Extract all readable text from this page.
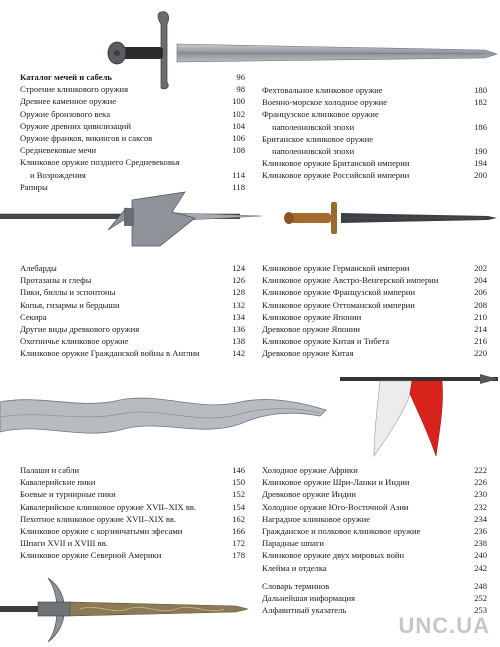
Каталог мечей и сабель	96
Строение клинкового оружия	98
Древнее каменное оружие	100
Оружие бронзового века	102
Оружие древних цивилизаций	104
Оружие франков, викингов и саксов	106
Средневековые мечи	108
Клинковое оружие позднего Средневековья
и Возрождения	114
Рапиры	118
Фехтовальное клинковое оружие	180
Военно-морское холодное оружие	182
Французское клинковое оружие
наполеоновской эпохи	186
Британское клинковое оружие
наполеоновской эпохи	190
Клинковое оружие Британской империи	194
Клинковое оружие Российской империи	200
Алебарды	124
Протазаны и глефы	126
Пики, биллы и эспонтоны	128
Копья, гизармы и бердыши	132
Секира	134
Другие виды древкового оружия	136
Охотничье клинковое оружие	138
Клинковое оружие Гражданской войны в Англии	142
Клинковое оружие Германской империи	202
Клинковое оружие Австро-Венгерской империи	204
Клинковое оружие Французской империи	206
Клинковое оружие Оттоманской империи	208
Клинковое оружие Японии	210
Древковое оружие Японии	214
Клинковое оружие Китая и Тибета	216
Древковое оружие Китая	220
Палаши и сабли	146
Кавалерийские пики	150
Боевые и турнирные пики	152
Кавалерийское клинковое оружие XVII–XIX вв.	154
Пехотное клинковое оружие XVII–XIX вв.	162
Клинковое оружие с корзинчатыми эфесами	166
Шпаги XVII и XVIII вв.	172
Клинковое оружие Северной Америки	178
Холодное оружие Африки	222
Клинковое оружие Шри-Ланки и Индии	226
Древковое оружие Индии	230
Холодное оружие Юго-Восточной Азии	232
Наградное клинковое оружие	234
Гражданское и полковое клинковое оружие	236
Парадные шпаги	238
Клинковое оружие двух мировых войн	240
Клейма и отделка	242
Словарь терминов	248
Дальнейшая информация	252
Алфавитный указатель	253
UNC.UA
